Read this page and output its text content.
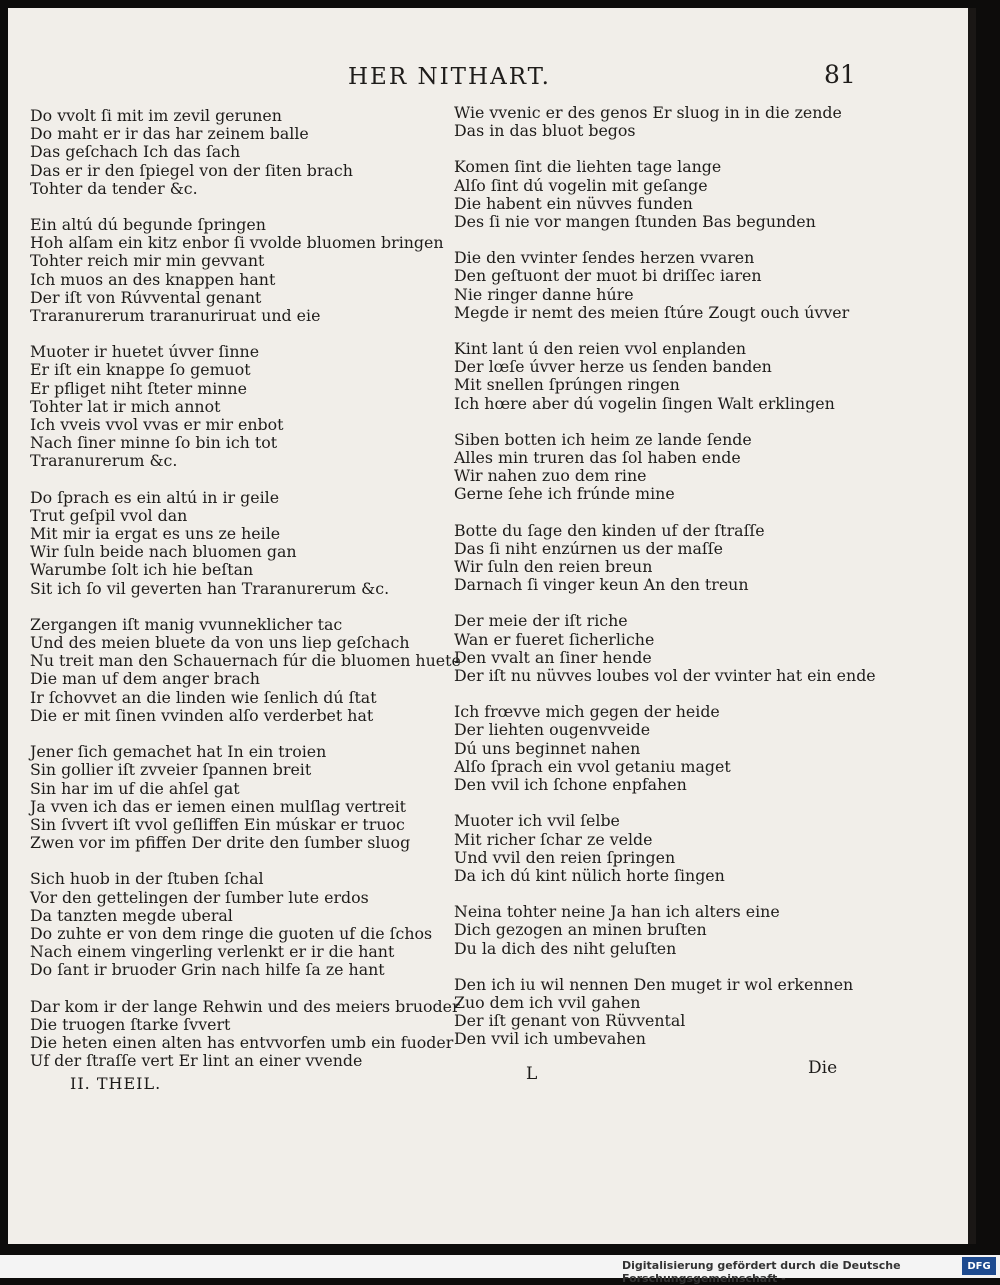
HER NITHART.	81
Do vvolt ſi mit im zevil gerunen
Do maht er ir das har zeinem balle
Das geſchach Ich das ſach
Das er ir den ſpiegel von der ſiten brach
Tohter da tender &c.
Ein altú dú begunde ſpringen
Hoh alſam ein kitz enbor ſi vvolde bluomen bringen
Tohter reich mir min gevvant
Ich muos an des knappen hant
Der iſt von Rúvvental genant
Traranurerum traranuriruat und eie
Muoter ir huetet úvver ſinne
Er iſt ein knappe ſo gemuot
Er pfliget niht ſteter minne
Tohter lat ir mich annot
Ich vveis vvol vvas er mir enbot
Nach ſiner minne ſo bin ich tot
Traranurerum &c.
Do ſprach es ein altú in ir geile
Trut geſpil vvol dan
Mit mir ia ergat es uns ze heile
Wir ſuln beide nach bluomen gan
Warumbe ſolt ich hie beſtan
Sit ich ſo vil geverten han Traranurerum &c.
Zergangen iſt manig vvunneklicher tac
Und des meien bluete da von uns liep geſchach
Nu treit man den Schauernach fúr die bluomen huete
Die man uf dem anger brach
Ir ſchovvet an die linden wie ſenlich dú ſtat
Die er mit ſinen vvinden alſo verderbet hat
Jener ſich gemachet hat In ein troien
Sin gollier iſt zvveier ſpannen breit
Sin har im uf die ahſel gat
Ja vven ich das er iemen einen mulſlag vertreit
Sin ſvvert iſt vvol geſliffen Ein múskar er truoc
Zwen vor im pfiffen Der drite den ſumber sluog
Sich huob in der ſtuben ſchal
Vor den gettelingen der ſumber lute erdos
Da tanzten megde uberal
Do zuhte er von dem ringe die guoten uf die ſchos
Nach einem vingerling verlenkt er ir die hant
Do ſant ir bruoder Grin nach hilfe ſa ze hant
Dar kom ir der lange Rehwin und des meiers bruoder
Die truogen ſtarke ſvvert
Die heten einen alten has entvvorfen umb ein fuoder
Uf der ſtraſſe vert Er lint an einer vvende
Wie vvenic er des genos Er sluog in in die zende
Das in das bluot begos
Komen ſint die liehten tage lange
Alſo ſint dú vogelin mit geſange
Die habent ein nüvves funden
Des ſi nie vor mangen ſtunden Bas begunden
Die den vvinter ſendes herzen vvaren
Den geſtuont der muot bi driſſec iaren
Nie ringer danne húre
Megde ir nemt des meien ſtúre Zougt ouch úvver
Kint lant ú den reien vvol enplanden
Der lœſe úvver herze us ſenden banden
Mit snellen ſprúngen ringen
Ich hœre aber dú vogelin ſingen Walt erklingen
Siben botten ich heim ze lande ſende
Alles min truren das ſol haben ende
Wir nahen zuo dem rine
Gerne ſehe ich frúnde mine
Botte du ſage den kinden uf der ſtraſſe
Das ſi niht enzúrnen us der maſſe
Wir ſuln den reien breun
Darnach ſi vinger keun An den treun
Der meie der iſt riche
Wan er fueret ſicherliche
Den vvalt an ſiner hende
Der iſt nu nüvves loubes vol der vvinter hat ein ende
Ich frœvve mich gegen der heide
Der liehten ougenvveide
Dú uns beginnet nahen
Alſo ſprach ein vvol getaniu maget
Den vvil ich ſchone enpfahen
Muoter ich vvil ſelbe
Mit richer ſchar ze velde
Und vvil den reien ſpringen
Da ich dú kint nülich horte ſingen
Neina tohter neine Ja han ich alters eine
Dich gezogen an minen bruſten
Du la dich des niht geluſten
Den ich iu wil nennen Den muget ir wol erkennen
Zuo dem ich vvil gahen
Der iſt genant von Rüvvental
Den vvil ich umbevahen
II. THEIL.	L	Die
Digitalisierung gefördert durch die Deutsche Forschungsgemeinschaft -
DFG
